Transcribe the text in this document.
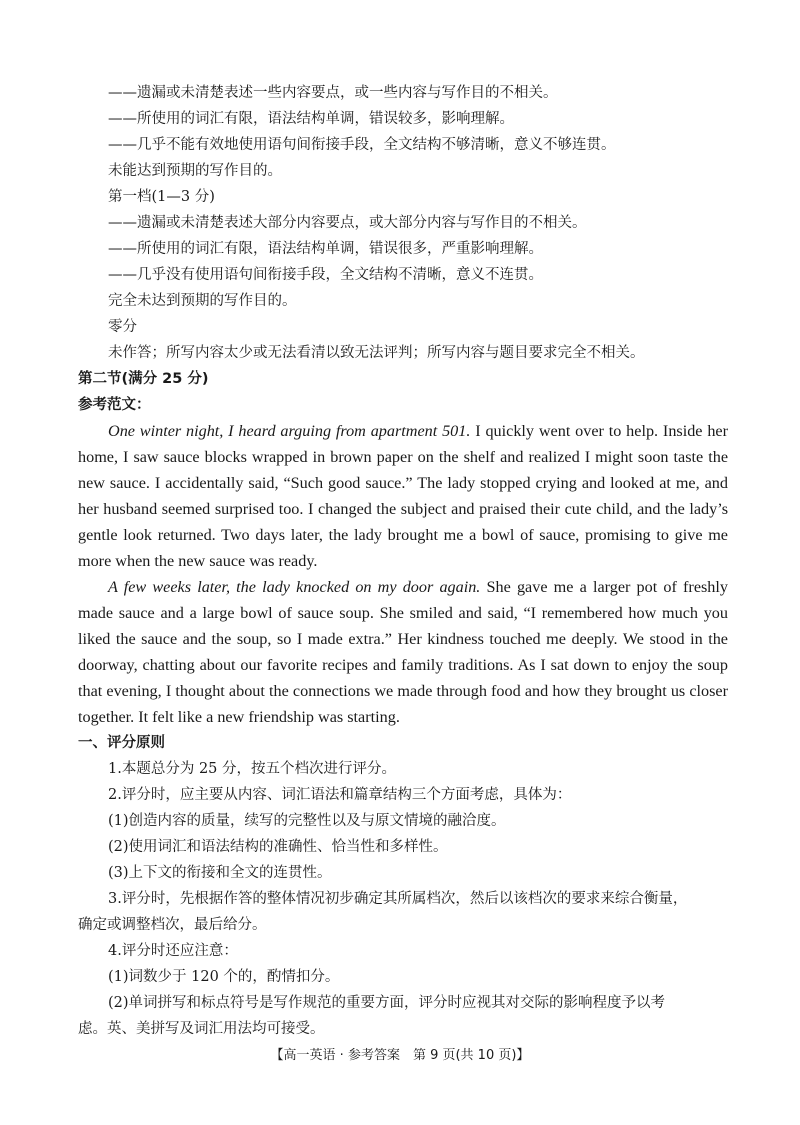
——遗漏或未清楚表述一些内容要点，或一些内容与写作目的不相关。

——所使用的词汇有限，语法结构单调，错误较多，影响理解。

——几乎不能有效地使用语句间衔接手段，全文结构不够清晰，意义不够连贯。

未能达到预期的写作目的。

第一档(1—3 分)

——遗漏或未清楚表述大部分内容要点，或大部分内容与写作目的不相关。

——所使用的词汇有限，语法结构单调，错误很多，严重影响理解。

——几乎没有使用语句间衔接手段，全文结构不清晰，意义不连贯。

完全未达到预期的写作目的。

零分

未作答；所写内容太少或无法看清以致无法评判；所写内容与题目要求完全不相关。

第二节(满分 25 分)

参考范文：

One winter night, I heard arguing from apartment 501. I quickly went over to help. Inside her home, I saw sauce blocks wrapped in brown paper on the shelf and realized I might soon taste the new sauce. I accidentally said, “Such good sauce.” The lady stopped crying and looked at me, and her husband seemed surprised too. I changed the subject and praised their cute child, and the lady’s gentle look returned. Two days later, the lady brought me a bowl of sauce, promising to give me more when the new sauce was ready.

A few weeks later, the lady knocked on my door again. She gave me a larger pot of freshly made sauce and a large bowl of sauce soup. She smiled and said, “I remembered how much you liked the sauce and the soup, so I made extra.” Her kindness touched me deeply. We stood in the doorway, chatting about our favorite recipes and family traditions. As I sat down to enjoy the soup that evening, I thought about the connections we made through food and how they brought us closer together. It felt like a new friendship was starting.

一、评分原则

1.本题总分为 25 分，按五个档次进行评分。

2.评分时，应主要从内容、词汇语法和篇章结构三个方面考虑，具体为：

(1)创造内容的质量，续写的完整性以及与原文情境的融洽度。

(2)使用词汇和语法结构的准确性、恰当性和多样性。

(3)上下文的衔接和全文的连贯性。

3.评分时，先根据作答的整体情况初步确定其所属档次，然后以该档次的要求来综合衡量，

确定或调整档次，最后给分。

4.评分时还应注意：

(1)词数少于 120 个的，酌情扣分。

(2)单词拼写和标点符号是写作规范的重要方面，评分时应视其对交际的影响程度予以考

虑。英、美拼写及词汇用法均可接受。

【高一英语 · 参考答案　第 9 页(共 10 页)】
